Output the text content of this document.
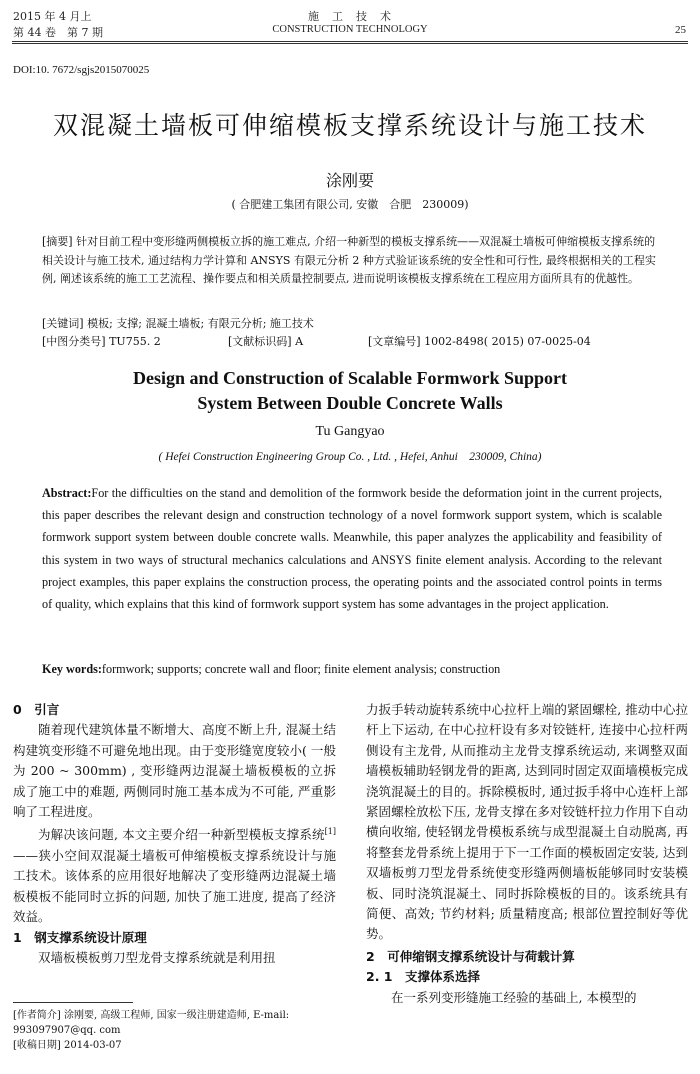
2015 年 4 月上
第 44 卷　第 7 期
施　工　技　术
CONSTRUCTION TECHNOLOGY	25
DOI:10. 7672/sgjs2015070025
双混凝土墙板可伸缩模板支撑系统设计与施工技术
涂刚要
( 合肥建工集团有限公司, 安徽　合肥　230009)
[摘要] 针对目前工程中变形缝两侧模板立拆的施工难点, 介绍一种新型的模板支撑系统——双混凝土墙板可伸缩模板支撑系统的相关设计与施工技术, 通过结构力学计算和 ANSYS 有限元分析 2 种方式验证该系统的安全性和可行性, 最终根据相关的工程实例, 阐述该系统的施工工艺流程、操作要点和相关质量控制要点, 进而说明该模板支撑系统在工程应用方面所具有的优越性。
[关键词] 模板; 支撑; 混凝土墙板; 有限元分析; 施工技术
[中图分类号] TU755. 2	[文献标识码] A	[文章编号] 1002-8498( 2015) 07-0025-04
Design and Construction of Scalable Formwork Support
System Between Double Concrete Walls
Tu Gangyao
( Hefei Construction Engineering Group Co. , Ltd. , Hefei, Anhui　230009, China)
Abstract:For the difficulties on the stand and demolition of the formwork beside the deformation joint in the current projects, this paper describes the relevant design and construction technology of a novel formwork support system, which is scalable formwork support system between double concrete walls. Meanwhile, this paper analyzes the applicability and feasibility of this system in two ways of structural mechanics calculations and ANSYS finite element analysis. According to the relevant project examples, this paper explains the construction process, the operating points and the associated control points in terms of quality, which explains that this kind of formwork support system has some advantages in the project application.
Key words:formwork; supports; concrete wall and floor; finite element analysis; construction
0　引言

随着现代建筑体量不断增大、高度不断上升, 混凝土结构建筑变形缝不可避免地出现。由于变形缝宽度较小( 一般为 200 ~ 300mm) , 变形缝两边混凝土墙板模板的立拆成了施工中的难题, 两侧同时施工基本成为不可能, 严重影响了工程进度。

为解决该问题, 本文主要介绍一种新型模板支撑系统[1]——狭小空间双混凝土墙板可伸缩模板支撑系统设计与施工技术。该体系的应用很好地解决了变形缝两边混凝土墙板模板不能同时立拆的问题, 加快了施工进度, 提高了经济效益。

1　钢支撑系统设计原理

双墙板模板剪刀型龙骨支撑系统就是利用扭

力扳手转动旋转系统中心拉杆上端的紧固螺栓, 推动中心拉杆上下运动, 在中心拉杆设有多对铰链杆, 连接中心拉杆两侧设有主龙骨, 从而推动主龙骨支撑系统运动, 来调整双面墙模板辅助轻钢龙骨的距离, 达到同时固定双面墙模板完成浇筑混凝土的目的。拆除模板时, 通过扳手将中心连杆上部紧固螺栓放松下压, 龙骨支撑在多对铰链杆拉力作用下自动横向收缩, 使轻钢龙骨模板系统与成型混凝土自动脱离, 再将整套龙骨系统上提用于下一工作面的模板固定安装, 达到双墙板剪刀型龙骨系统使变形缝两侧墙板能够同时安装模板、同时浇筑混凝土、同时拆除模板的目的。该系统具有简便、高效; 节约材料; 质量精度高; 根部位置控制好等优势。

2　可伸缩钢支撑系统设计与荷载计算
2. 1　支撑体系选择

在一系列变形缝施工经验的基础上, 本模型的

[作者简介] 涂刚要, 高级工程师, 国家一级注册建造师, E-mail: 993097907@qq. com
[收稿日期] 2014-03-07
